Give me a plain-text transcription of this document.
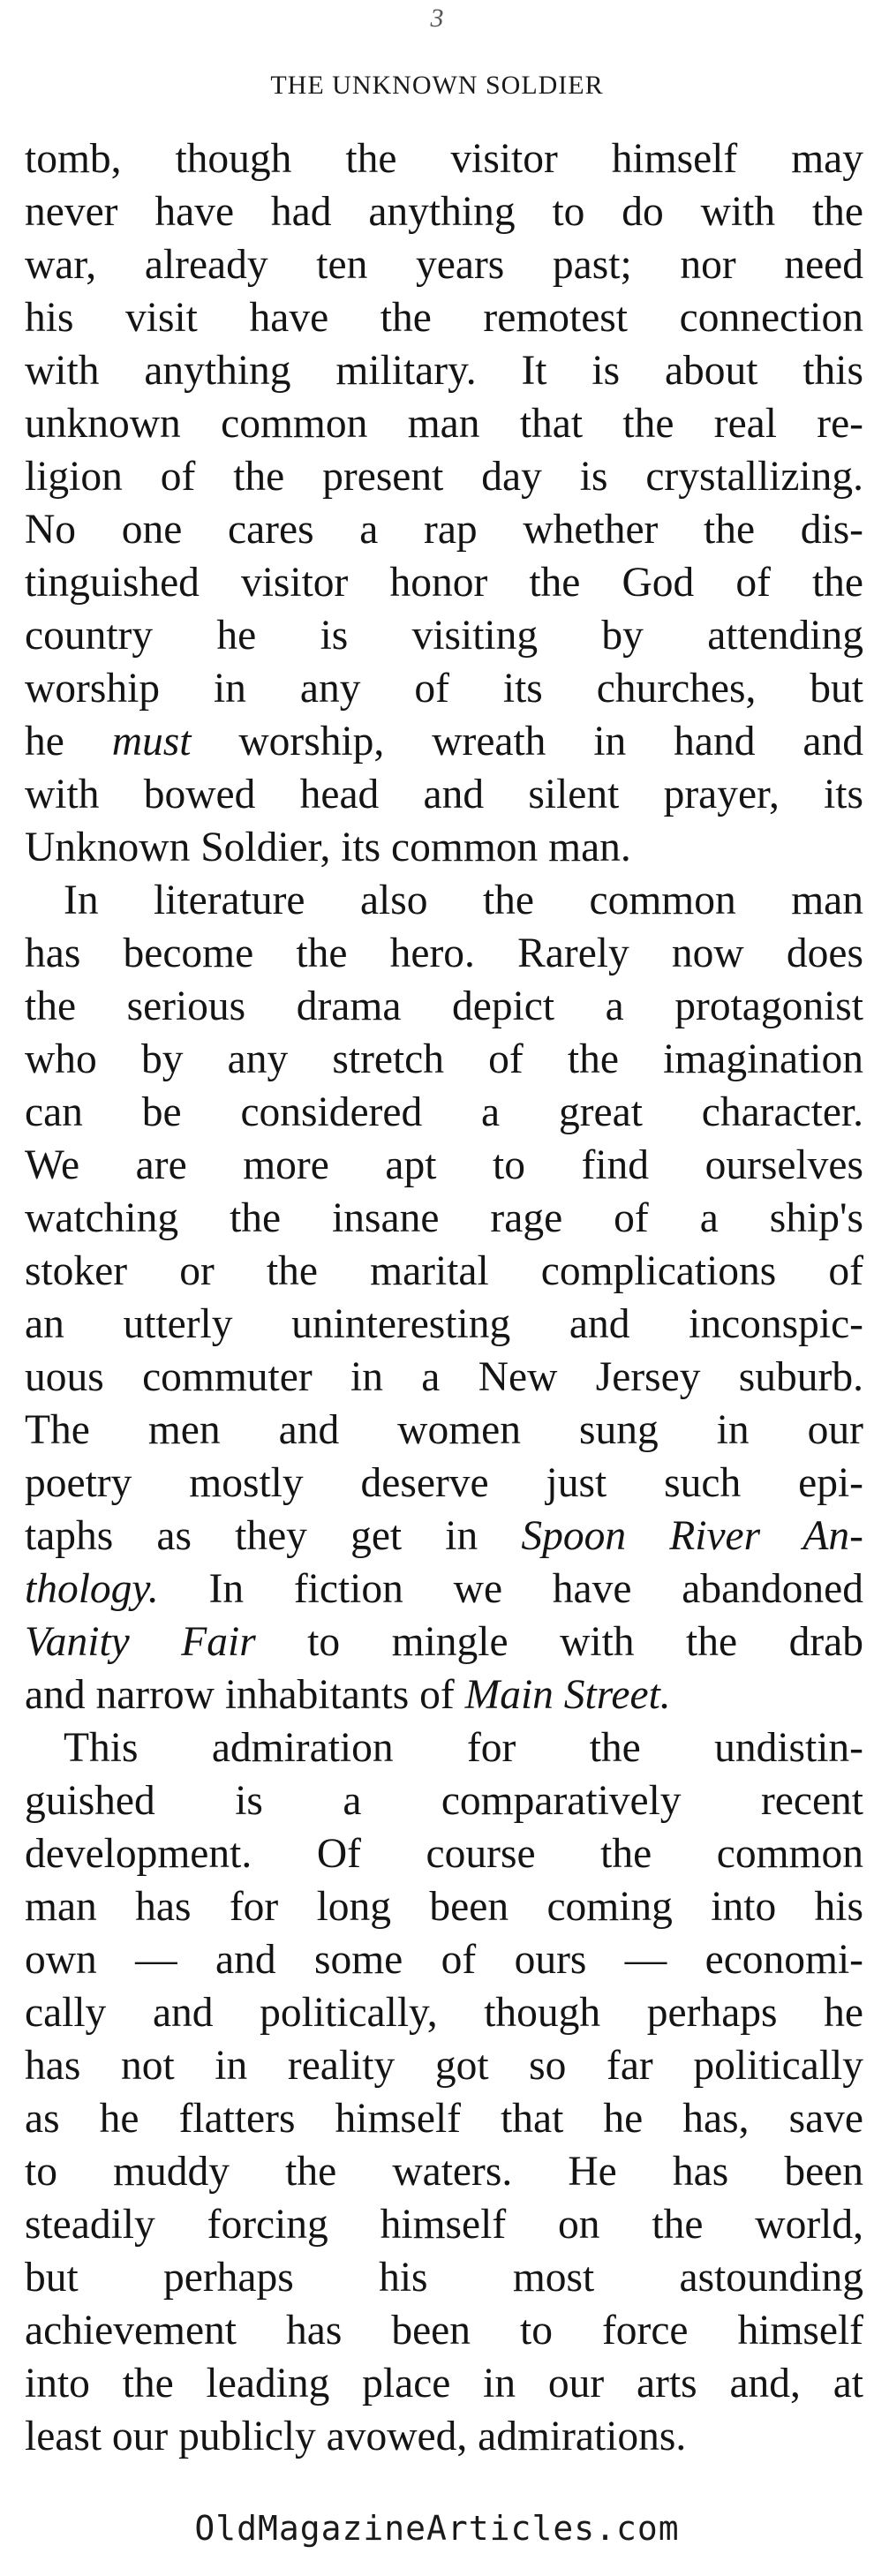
3
THE UNKNOWN SOLDIER
tomb, though the visitor himself may
never have had anything to do with the
war, already ten years past; nor need
his visit have the remotest connection
with anything military. It is about this
unknown common man that the real re-
ligion of the present day is crystallizing.
No one cares a rap whether the dis-
tinguished visitor honor the God of the
country he is visiting by attending
worship in any of its churches, but
he must worship, wreath in hand and
with bowed head and silent prayer, its
Unknown Soldier, its common man.
In literature also the common man
has become the hero. Rarely now does
the serious drama depict a protagonist
who by any stretch of the imagination
can be considered a great character.
We are more apt to find ourselves
watching the insane rage of a ship's
stoker or the marital complications of
an utterly uninteresting and inconspic-
uous commuter in a New Jersey suburb.
The men and women sung in our
poetry mostly deserve just such epi-
taphs as they get in Spoon River An-
thology. In fiction we have abandoned
Vanity Fair to mingle with the drab
and narrow inhabitants of Main Street.
This admiration for the undistin-
guished is a comparatively recent
development. Of course the common
man has for long been coming into his
own — and some of ours — economi-
cally and politically, though perhaps he
has not in reality got so far politically
as he flatters himself that he has, save
to muddy the waters. He has been
steadily forcing himself on the world,
but perhaps his most astounding
achievement has been to force himself
into the leading place in our arts and, at
least our publicly avowed, admirations.
OldMagazineArticles.com
